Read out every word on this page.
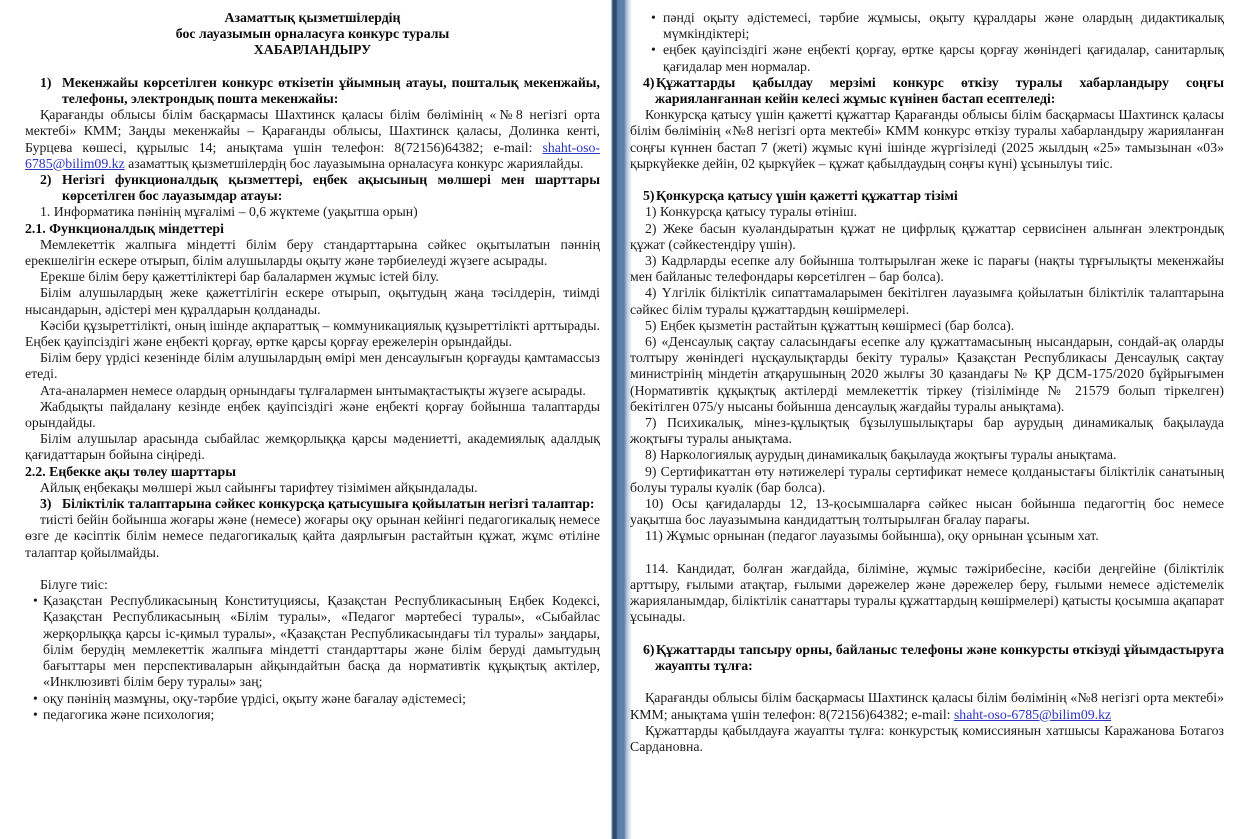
Азаматтық қызметшілердің
бос лауазымын орналасуға конкурс туралы
ХАБАРЛАНДЫРУ
1) Мекенжайы көрсетілген конкурс өткізетін ұйымның атауы, пошталық мекенжайы, телефоны, электрондық пошта мекенжайы:
Қарағанды облысы білім басқармасы Шахтинск қаласы білім бөлімінің «№8 негізгі орта мектебі» КММ; Заңды мекенжайы – Қарағанды облысы, Шахтинск қаласы, Долинка кенті, Бурцева көшесі, құрылыс 14; анықтама үшін телефон: 8(72156)64382; e-mail: shaht-oso-6785@bilim09.kz азаматтық қызметшілердің бос лауазымына орналасуға конкурс жариялайды.
2) Негізгі функционалдық қызметтері, еңбек ақысының мөлшері мен шарттары көрсетілген бос лауазымдар атауы:
1. Информатика пәнінің мұғалімі – 0,6 жүктеме (уақытша орын)
2.1. Функционалдық міндеттері
Мемлекеттік жалпыға міндетті білім беру стандарттарына сәйкес оқытылатын пәннің ерекшелігін ескере отырып, білім алушыларды оқыту және тәрбиелеуді жүзеге асырады.
Ерекше білім беру қажеттіліктері бар балалармен жұмыс істей білу.
Білім алушылардың жеке қажеттілігін ескере отырып, оқытудың жаңа тәсілдерін, тиімді нысандарын, әдістері мен құралдарын қолданады.
Кәсіби құзыреттілікті, оның ішінде ақпараттық – коммуникациялық құзыреттілікті арттырады. Еңбек қауіпсіздігі және еңбекті қорғау, өртке қарсы қорғау ережелерін орындайды.
Білім беру үрдісі кезенінде білім алушылардың өмірі мен денсаулығын қорғауды қамтамассыз етеді.
Ата-аналармен немесе олардың орнындағы тұлғалармен ынтымақтастықты жүзеге асырады.
Жабдықты пайдалану кезінде еңбек қауіпсіздігі және еңбекті қорғау бойынша талаптарды орындайды.
Білім алушылар арасында сыбайлас жемқорлыққа қарсы мәдениетті, академиялық адалдық қағидаттарын бойына сіңіреді.
2.2. Еңбекке ақы төлеу шарттары
Айлық еңбекақы мөлшері жыл сайынғы тарифтеу тізімімен айқындалады.
3) Біліктілік талаптарына сәйкес конкурсқа қатысушыға қойылатын негізгі талаптар:
тиісті бейін бойынша жоғары және (немесе) жоғары оқу орынан кейінгі педагогикалық немесе өзге де кәсіптік білім немесе педагогикалық қайта даярлығын растайтын құжат, жұмс өтіліне талаптар қойылмайды.
Білуге тиіс:
• Қазақстан Республикасының Конституциясы, Қазақстан Республикасының Еңбек Кодексі, Қазақстан Республикасының «Білім туралы», «Педагог мәртебесі туралы», «Сыбайлас жерқорлыққа қарсы іс-қимыл туралы», «Қазақстан Республикасындағы тіл туралы» заңдары, білім берудің мемлекеттік жалпыға міндетті стандарттары және білім беруді дамытудың бағыттары мен перспективаларын айқындайтын басқа да нормативтік құқықтық актілер, «Инклюзивті білім беру туралы» заң;
• оқу пәнінің мазмұны, оқу-тәрбие үрдісі, оқыту және бағалау әдістемесі;
• педагогика және психология;
• пәнді оқыту әдістемесі, тәрбие жұмысы, оқыту құралдары және олардың дидактикалық мүмкіндіктері;
• еңбек қауіпсіздігі және еңбекті қорғау, өртке қарсы қорғау жөніндегі қағидалар, санитарлық қағидалар мен нормалар.
4) Құжаттарды қабылдау мерзімі конкурс өткізу туралы хабарландыру соңғы жарияланғаннан кейін келесі жұмыс күнінен бастап есептеледі:
Конкурсқа қатысу үшін қажетті құжаттар Қарағанды облысы білім басқармасы Шахтинск қаласы білім бөлімінің «№8 негізгі орта мектебі» КММ конкурс өткізу туралы хабарландыру жарияланған соңғы күннен бастап 7 (жеті) жұмыс күні ішінде жүргізіледі (2025 жылдың «25» тамызынан «03» қыркүйекке дейін, 02 қыркүйек – құжат қабылдаудың соңғы күні) ұсынылуы тиіс.
5) Қонкурсқа қатысу үшін қажетті құжаттар тізімі
1) Конкурсқа қатысу туралы өтініш.
2) Жеке басын куәландыратын құжат не цифрлық құжаттар сервисінен алынған электрондық құжат (сәйкестендіру үшін).
3) Кадрларды есепке алу бойынша толтырылған жеке іс парағы (нақты тұрғылықты мекенжайы мен байланыс телефондары көрсетілген – бар болса).
4) Үлгілік біліктілік сипаттамаларымен бекітілген лауазымға қойылатын біліктілік талаптарына сәйкес білім туралы құжаттардың көшірмелері.
5) Еңбек қызметін растайтын құжаттың көшірмесі (бар болса).
6) «Денсаулық сақтау саласындағы есепке алу құжаттамасының нысандарын, сондай-ақ оларды толтыру жөніндегі нұсқаулықтарды бекіту туралы» Қазақстан Республикасы Денсаулық сақтау министрінің міндетін атқарушының 2020 жылғы 30 қазандағы № ҚР ДСМ-175/2020 бұйрығымен (Нормативтік құқықтық актілерді мемлекеттік тіркеу (тізілімінде № 21579 болып тіркелген) бекітілген 075/у нысаны бойынша денсаулық жағдайы туралы анықтама).
7) Психикалық, мінез-құлықтық бұзылушылықтары бар аурудың динамикалық бақылауда жоқтығы туралы анықтама.
8) Наркологиялық аурудың динамикалық бақылауда жоқтығы туралы анықтама.
9) Сертификаттан өту нәтижелері туралы сертификат немесе қолданыстағы біліктілік санатының болуы туралы куәлік (бар болса).
10) Осы қағидаларды 12, 13-қосымшаларға сәйкес нысан бойынша педагогтің бос немесе уақытша бос лауазымына кандидаттың толтырылған бғалау парағы.
11) Жұмыс орнынан (педагог лауазымы бойынша), оқу орнынан ұсыным хат.
114. Кандидат, болған жағдайда, біліміне, жұмыс тәжірибесіне, кәсіби деңгейіне (біліктілік арттыру, ғылыми атақтар, ғылыми дәрежелер және дәрежелер беру, ғылыми немесе әдістемелік жарияланымдар, біліктілік санаттары туралы құжаттардың көшірмелері) қатысты қосымша ақапарат ұсынады.
6) Құжаттарды тапсыру орны, байланыс телефоны және конкурсты өткізуді ұйымдастыруға жауапты тұлға:
Қарағанды облысы білім басқармасы Шахтинск қаласы білім бөлімінің «№8 негізгі орта мектебі» КММ; анықтама үшін телефон: 8(72156)64382; e-mail: shaht-oso-6785@bilim09.kz
Құжаттарды қабылдауға жауапты тұлға: конкурстық комиссиянын хатшысы Каражанова Ботагоз Сардановна.
